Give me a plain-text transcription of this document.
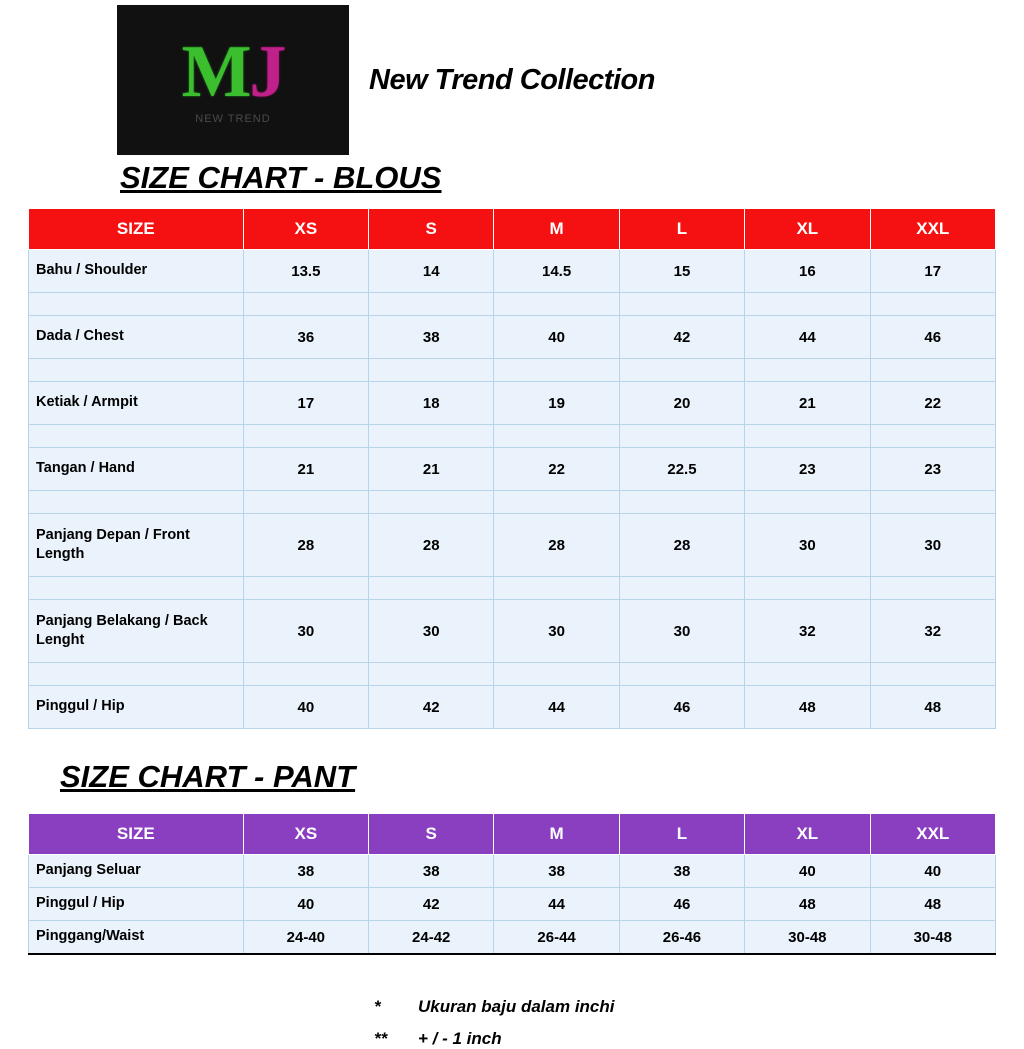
MJ
NEW TREND
New Trend Collection
SIZE CHART - BLOUS
SIZE	XS	S	M	L	XL	XXL
Bahu / Shoulder	13.5	14	14.5	15	16	17

Dada / Chest	36	38	40	42	44	46

Ketiak / Armpit	17	18	19	20	21	22

Tangan / Hand	21	21	22	22.5	23	23

Panjang Depan / Front Length	28	28	28	28	30	30

Panjang Belakang / Back Lenght	30	30	30	30	32	32

Pinggul / Hip	40	42	44	46	48	48
SIZE CHART - PANT
SIZE	XS	S	M	L	XL	XXL
Panjang Seluar	38	38	38	38	40	40
Pinggul / Hip	40	42	44	46	48	48
Pinggang/Waist	24-40	24-42	26-44	26-46	30-48	30-48
*	Ukuran baju dalam inchi
**	+ / - 1 inch
